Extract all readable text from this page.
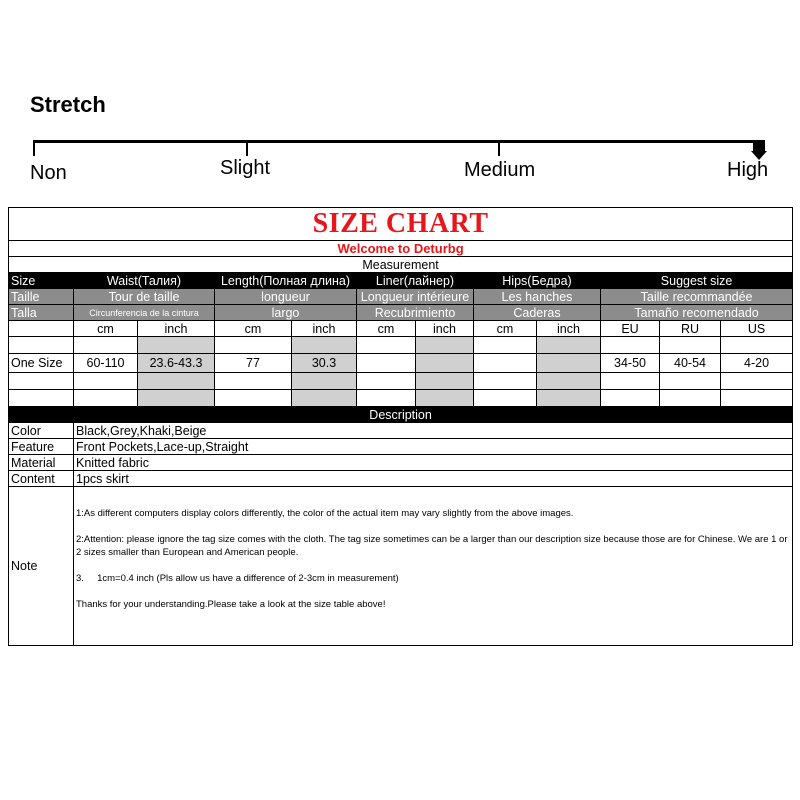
Stretch
Non	Slight	Medium	High
SIZE CHART											
Welcome to Deturbg											
Measurement											
Size	Waist(Талия)		Length(Полная длина)		Liner(лайнер)		Hips(Бедра)		Suggest size		
Taille	Tour de taille		longueur		Longueur intérieure		Les hanches		Taille recommandée		
Talla	Circunferencia de la cintura		largo		Recubrimiento		Caderas		Tamaño recomendado		
	cm	inch	cm	inch	cm	inch	cm	inch	EU	RU	US

One Size	60-110	23.6-43.3	77	30.3					34-50	40-54	4-20

Description											
Color	Black,Grey,Khaki,Beige										
Feature	Front Pockets,Lace-up,Straight										
Material	Knitted fabric										
Content	1pcs skirt										
Note	1:As different computers display colors differently, the color of the actual item may vary slightly from the above images.

2:Attention: please ignore the tag size comes with the cloth. The tag size sometimes can be a larger than our description size because those are for Chinese. We are 1 or 2 sizes smaller than European and American people.

3.     1cm=0.4 inch (Pls allow us have a difference of 2-3cm in measurement)

Thanks for your understanding.Please take a look at the size table above!										
